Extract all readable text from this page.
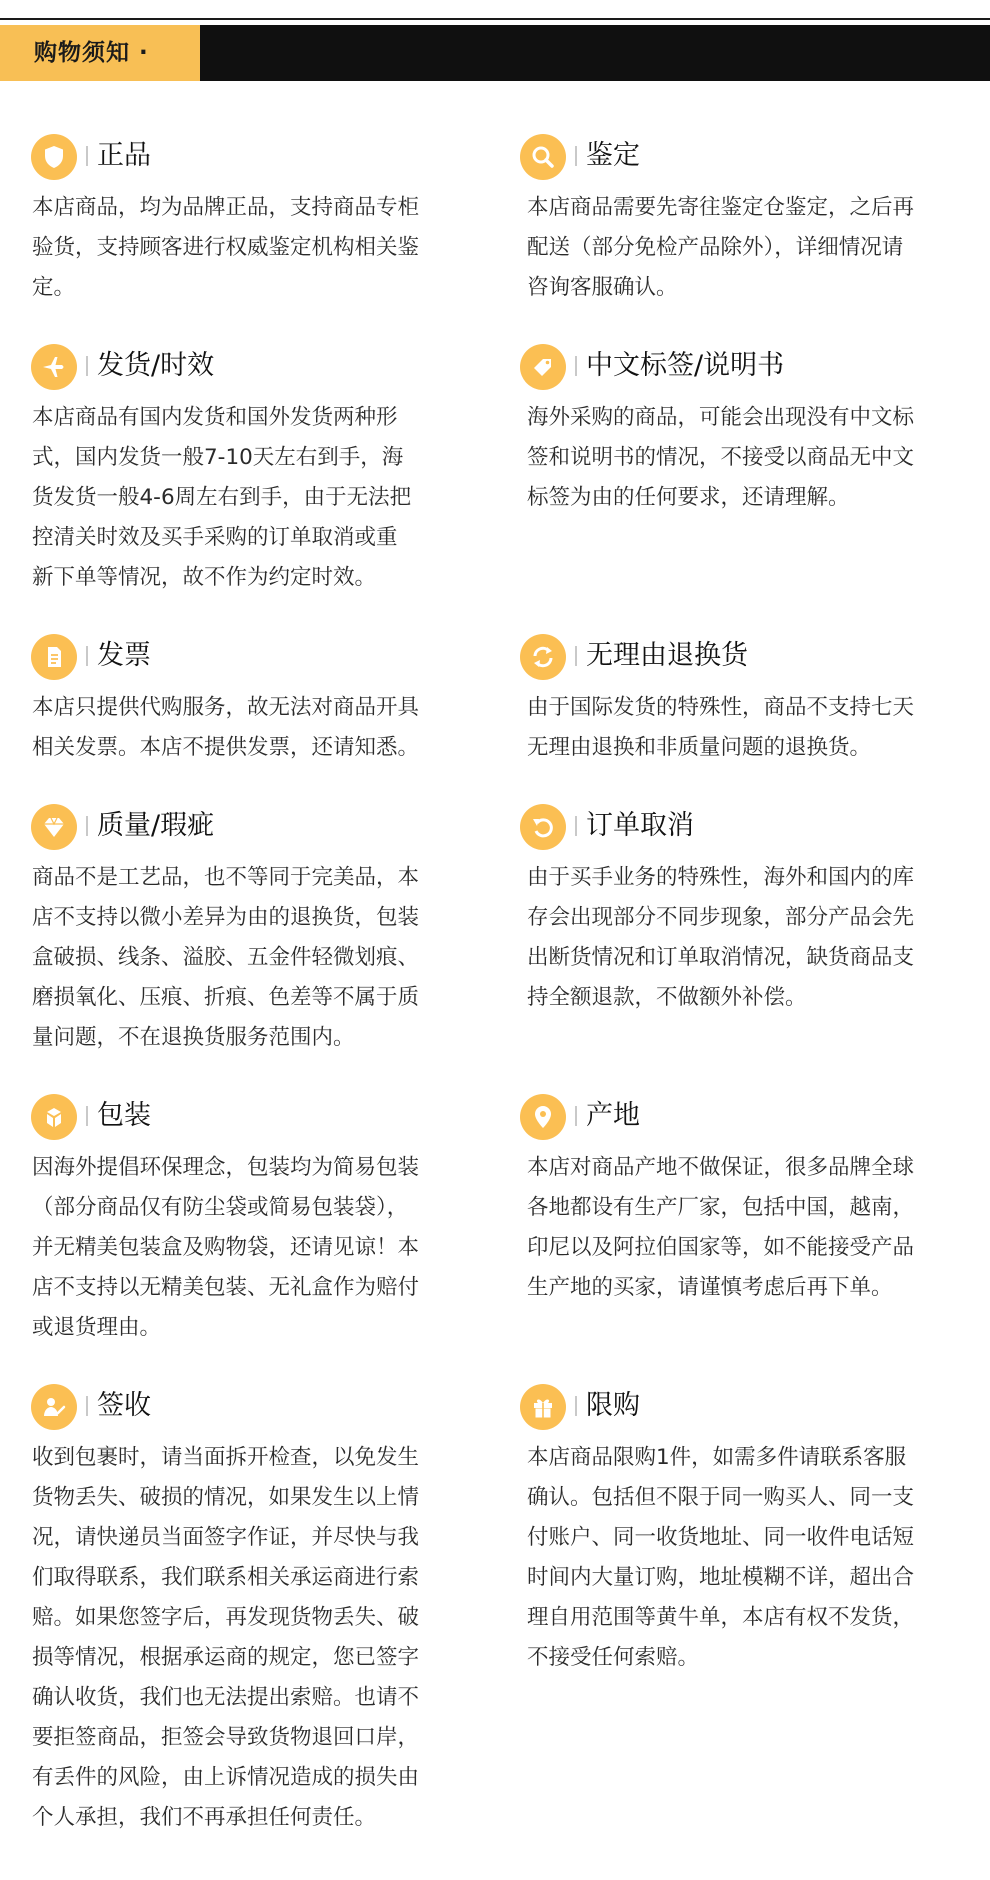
购物须知 ·
正品
本店商品，均为品牌正品，支持商品专柜
验货，支持顾客进行权威鉴定机构相关鉴
定。
鉴定
本店商品需要先寄往鉴定仓鉴定，之后再
配送（部分免检产品除外），详细情况请
咨询客服确认。
发货/时效
本店商品有国内发货和国外发货两种形
式，国内发货一般7-10天左右到手，海
货发货一般4-6周左右到手，由于无法把
控清关时效及买手采购的订单取消或重
新下单等情况，故不作为约定时效。
中文标签/说明书
海外采购的商品，可能会出现没有中文标
签和说明书的情况，不接受以商品无中文
标签为由的任何要求，还请理解。
发票
本店只提供代购服务，故无法对商品开具
相关发票。本店不提供发票，还请知悉。
无理由退换货
由于国际发货的特殊性，商品不支持七天
无理由退换和非质量问题的退换货。
质量/瑕疵
商品不是工艺品，也不等同于完美品，本
店不支持以微小差异为由的退换货，包装
盒破损、线条、溢胶、五金件轻微划痕、
磨损氧化、压痕、折痕、色差等不属于质
量问题，不在退换货服务范围内。
订单取消
由于买手业务的特殊性，海外和国内的库
存会出现部分不同步现象，部分产品会先
出断货情况和订单取消情况，缺货商品支
持全额退款，不做额外补偿。
包装
因海外提倡环保理念，包装均为简易包装
（部分商品仅有防尘袋或简易包装袋），
并无精美包装盒及购物袋，还请见谅！本
店不支持以无精美包装、无礼盒作为赔付
或退货理由。
产地
本店对商品产地不做保证，很多品牌全球
各地都设有生产厂家，包括中国，越南，
印尼以及阿拉伯国家等，如不能接受产品
生产地的买家，请谨慎考虑后再下单。
签收
收到包裹时，请当面拆开检查，以免发生
货物丢失、破损的情况，如果发生以上情
况，请快递员当面签字作证，并尽快与我
们取得联系，我们联系相关承运商进行索
赔。如果您签字后，再发现货物丢失、破
损等情况，根据承运商的规定，您已签字
确认收货，我们也无法提出索赔。也请不
要拒签商品，拒签会导致货物退回口岸，
有丢件的风险，由上诉情况造成的损失由
个人承担，我们不再承担任何责任。
限购
本店商品限购1件，如需多件请联系客服
确认。包括但不限于同一购买人、同一支
付账户、同一收货地址、同一收件电话短
时间内大量订购，地址模糊不详，超出合
理自用范围等黄牛单，本店有权不发货，
不接受任何索赔。
